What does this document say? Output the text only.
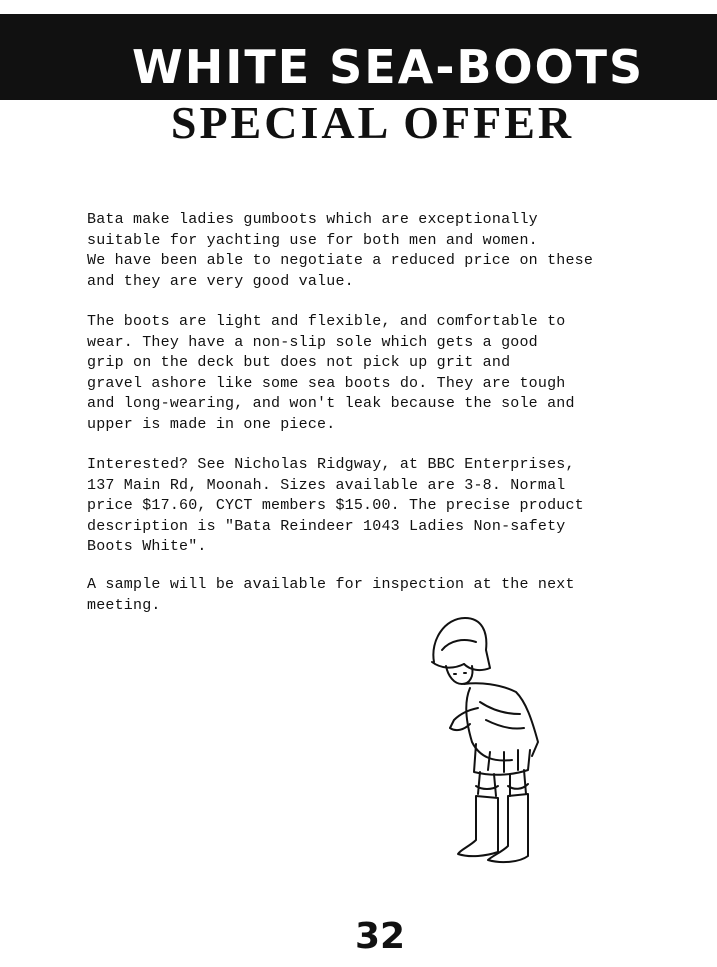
WHITE SEA-BOOTS
SPECIAL OFFER
Bata make ladies gumboots which are exceptionally
suitable for yachting use for both men and women.
We have been able to negotiate a reduced price on these
and they are very good value.
The boots are light and flexible, and comfortable to
wear. They have a non-slip sole which gets a good
grip on the deck but does not pick up grit and
gravel ashore like some sea boots do. They are tough
and long-wearing, and won't leak because the sole and
upper is made in one piece.
Interested? See Nicholas Ridgway, at BBC Enterprises,
137 Main Rd, Moonah. Sizes available are 3-8. Normal
price $17.60, CYCT members $15.00. The precise product
description is "Bata Reindeer 1043 Ladies Non-safety
Boots White".
A sample will be available for inspection at the next
meeting.
32
